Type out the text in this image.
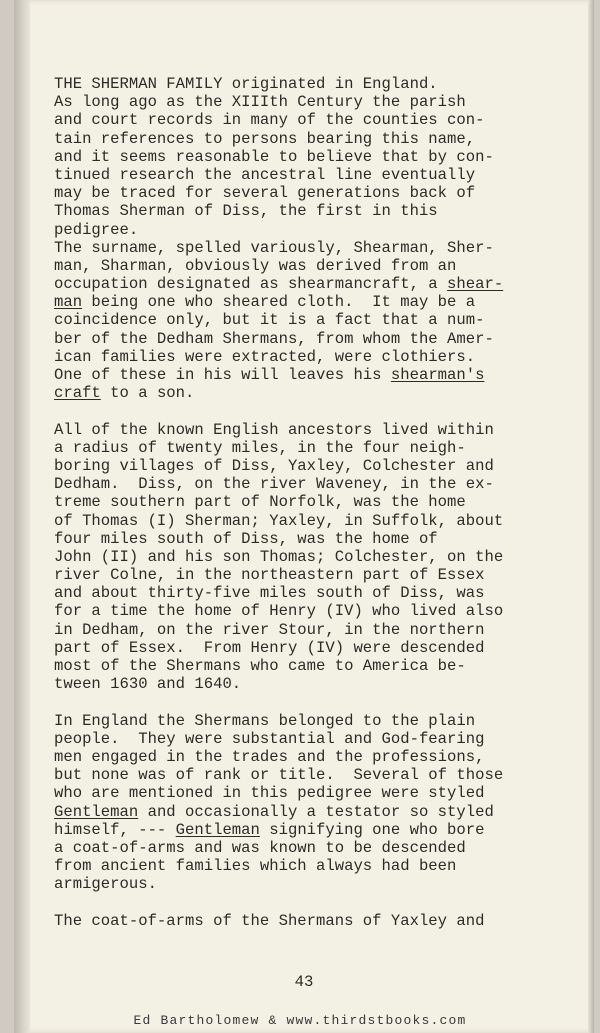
THE SHERMAN FAMILY originated in England.
As long ago as the XIIIth Century the parish
and court records in many of the counties con-
tain references to persons bearing this name,
and it seems reasonable to believe that by con-
tinued research the ancestral line eventually
may be traced for several generations back of
Thomas Sherman of Diss, the first in this
pedigree.
The surname, spelled variously, Shearman, Sher-
man, Sharman, obviously was derived from an
occupation designated as shearmancraft, a shear-
man being one who sheared cloth.  It may be a
coincidence only, but it is a fact that a num-
ber of the Dedham Shermans, from whom the Amer-
ican families were extracted, were clothiers.
One of these in his will leaves his shearman's
craft to a son.
All of the known English ancestors lived within
a radius of twenty miles, in the four neigh-
boring villages of Diss, Yaxley, Colchester and
Dedham.  Diss, on the river Waveney, in the ex-
treme southern part of Norfolk, was the home
of Thomas (I) Sherman; Yaxley, in Suffolk, about
four miles south of Diss, was the home of
John (II) and his son Thomas; Colchester, on the
river Colne, in the northeastern part of Essex
and about thirty-five miles south of Diss, was
for a time the home of Henry (IV) who lived also
in Dedham, on the river Stour, in the northern
part of Essex.  From Henry (IV) were descended
most of the Shermans who came to America be-
tween 1630 and 1640.
In England the Shermans belonged to the plain
people.  They were substantial and God-fearing
men engaged in the trades and the professions,
but none was of rank or title.  Several of those
who are mentioned in this pedigree were styled
Gentleman and occasionally a testator so styled
himself, --- Gentleman signifying one who bore
a coat-of-arms and was known to be descended
from ancient families which always had been
armigerous.
The coat-of-arms of the Shermans of Yaxley and
43
Ed Bartholomew & www.thirdstbooks.com
